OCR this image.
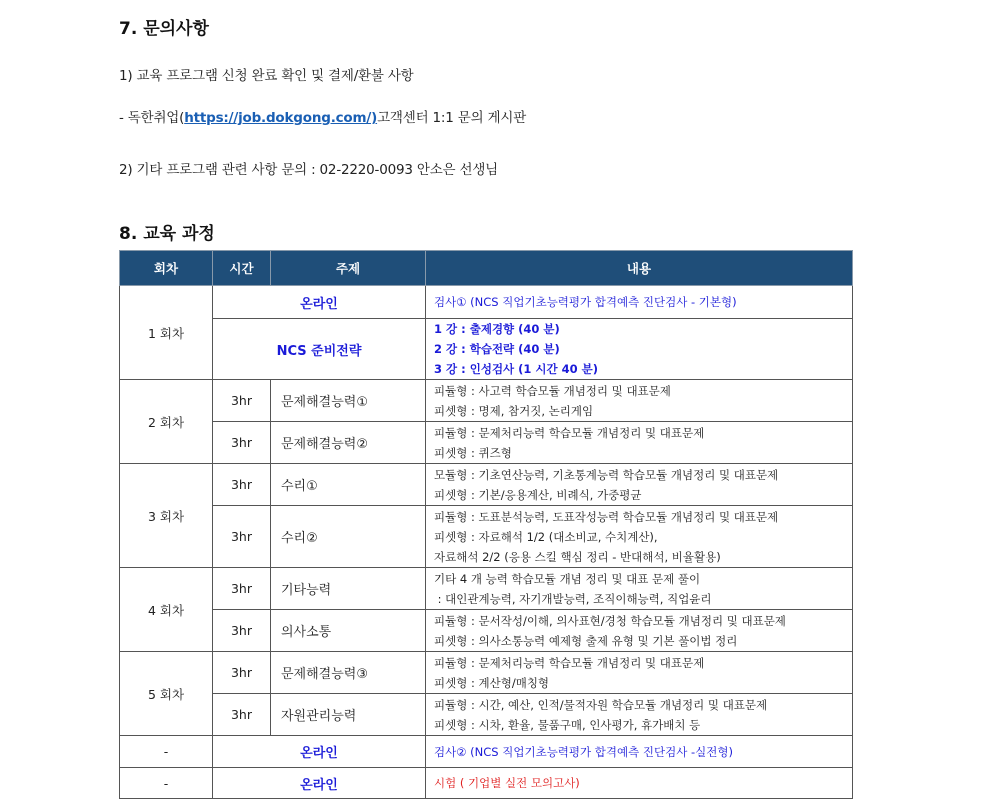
7. 문의사항
1) 교육 프로그램 신청 완료 확인 및 결제/환불 사항
- 독한취업(https://job.dokgong.com/)고객센터 1:1 문의 게시판
2) 기타 프로그램 관련 사항 문의 : 02-2220-0093 안소은 선생님
8. 교육 과정
회차	시간	주제	내용
1 회차	온라인		검사① (NCS 직업기초능력평가 합격예측 진단검사 - 기본형)
	NCS 준비전략		1 강 : 출제경향 (40 분)
2 강 : 학습전략 (40 분)
3 강 : 인성검사 (1 시간 40 분)

2 회차	3hr	문제해결능력①	피듈형 : 사고력 학습모듈 개념정리 및 대표문제
피셋형 : 명제, 참거짓, 논리게임

	3hr	문제해결능력②	피듈형 : 문제처리능력 학습모듈 개념정리 및 대표문제
피셋형 : 퀴즈형

3 회차	3hr	수리①	모듈형 : 기초연산능력, 기초통계능력 학습모듈 개념정리 및 대표문제
피셋형 : 기본/응용계산, 비례식, 가중평균

	3hr	수리②	피듈형 : 도표분석능력, 도표작성능력 학습모듈 개념정리 및 대표문제
피셋형 : 자료해석 1/2 (대소비교, 수치계산),
자료해석 2/2 (응용 스킬 핵심 정리 - 반대해석, 비율활용)

4 회차	3hr	기타능력	기타 4 개 능력 학습모듈 개념 정리 및 대표 문제 풀이
: 대인관계능력, 자기개발능력, 조직이해능력, 직업윤리

	3hr	의사소통	피듈형 : 문서작성/이해, 의사표현/경청 학습모듈 개념정리 및 대표문제
피셋형 : 의사소통능력 예제형 출제 유형 및 기본 풀이법 정리

5 회차	3hr	문제해결능력③	피듈형 : 문제처리능력 학습모듈 개념정리 및 대표문제
피셋형 : 계산형/매칭형

	3hr	자원관리능력	피듈형 : 시간, 예산, 인적/물적자원 학습모듈 개념정리 및 대표문제
피셋형 : 시차, 환율, 물품구매, 인사평가, 휴가배치 등

-	온라인		검사② (NCS 직업기초능력평가 합격예측 진단검사 -실전형)
-	온라인		시험 ( 기업별 실전 모의고사)
